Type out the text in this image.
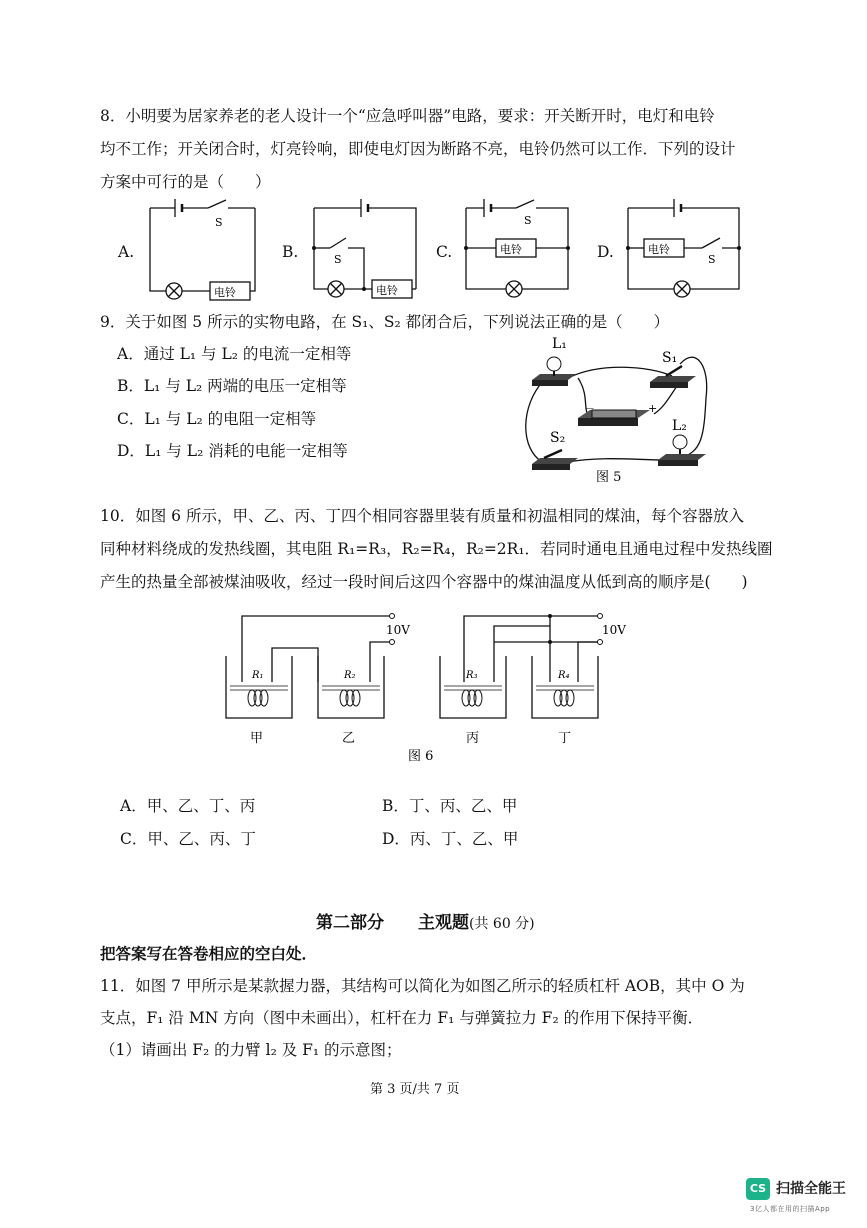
8．小明要为居家养老的老人设计一个“应急呼叫器”电路，要求：开关断开时，电灯和电铃
均不工作；开关闭合时，灯亮铃响，即使电灯因为断路不亮，电铃仍然可以工作．下列的设计
方案中可行的是（　　）
A.	B.	C.	D.
S
电铃
S
电铃
S
电铃
S
电铃
9．关于如图 5 所示的实物电路，在 S₁、S₂ 都闭合后，下列说法正确的是（　　）
A．通过 L₁ 与 L₂ 的电流一定相等
B．L₁ 与 L₂ 两端的电压一定相等
C．L₁ 与 L₂ 的电阻一定相等
D．L₁ 与 L₂ 消耗的电能一定相等
L₁
S₁
－	+
S₂
L₂
图 5
10．如图 6 所示，甲、乙、丙、丁四个相同容器里装有质量和初温相同的煤油，每个容器放入
同种材料绕成的发热线圈，其电阻 R₁=R₃，R₂=R₄，R₂=2R₁．若同时通电且通电过程中发热线圈
产生的热量全部被煤油吸收，经过一段时间后这四个容器中的煤油温度从低到高的顺序是(　　)
10V	10V
R₁	R₂	R₃	R₄
甲	乙	丙	丁
图 6
A．甲、乙、丁、丙	B．丁、丙、乙、甲
C．甲、乙、丙、丁	D．丙、丁、乙、甲
第二部分　　主观题(共 60 分)
把答案写在答卷相应的空白处．
11．如图 7 甲所示是某款握力器，其结构可以简化为如图乙所示的轻质杠杆 AOB，其中 O 为
支点，F₁ 沿 MN 方向（图中未画出），杠杆在力 F₁ 与弹簧拉力 F₂ 的作用下保持平衡．
（1）请画出 F₂ 的力臂 l₂ 及 F₁ 的示意图；
第 3 页/共 7 页
CS 扫描全能王
3亿人都在用的扫描App
